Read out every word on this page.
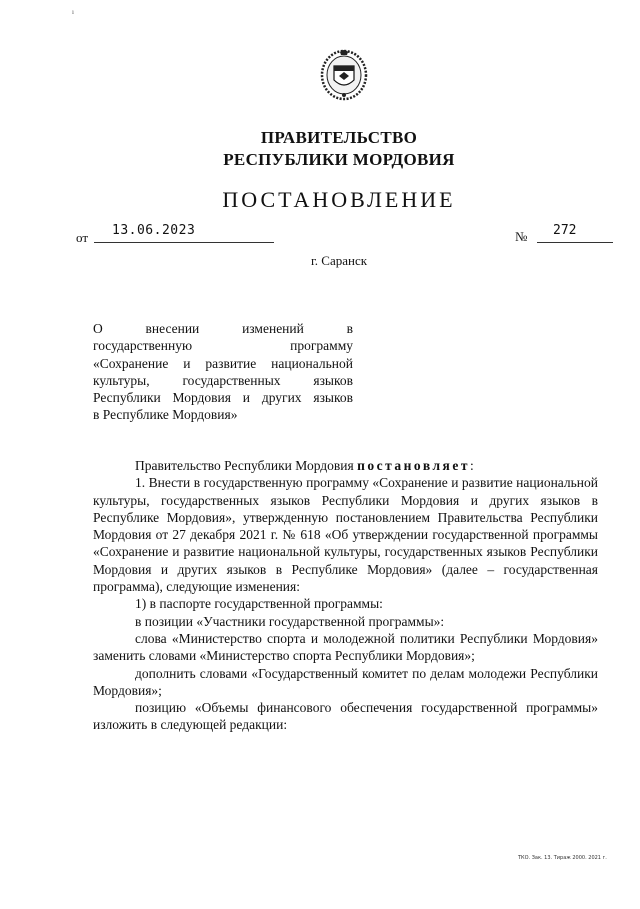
ı
ПРАВИТЕЛЬСТВО
РЕСПУБЛИКИ МОРДОВИЯ
ПОСТАНОВЛЕНИЕ
от 13.06.2023	№ 272
г. Саранск

О	внесении	изменений	в

государственную	программу

«Сохранение и развитие национальной

культуры, государственных языков

Республики Мордовия и других языков

в Республике Мордовия»

Правительство Республики Мордовия постановляет:

1. Внести в государственную программу «Сохранение и развитие национальной культуры, государственных языков Республики Мордовия и других языков в Республике Мордовия», утвержденную постановлением Правительства Республики Мордовия от 27 декабря 2021 г. № 618 «Об утверждении государственной программы «Сохранение и развитие национальной культуры, государственных языков Республики Мордовия и других языков в Республике Мордовия» (далее – государственная программа), следующие изменения:

1) в паспорте государственной программы:

в позиции «Участники государственной программы»:

слова «Министерство спорта и молодежной политики Республики Мордовия» заменить словами «Министерство спорта Республики Мордовия»;

дополнить словами «Государственный комитет по делам молодежи Республики Мордовия»;

позицию «Объемы финансового обеспечения государственной программы» изложить в следующей редакции:

ТКО. Зак. 13. Тираж 2000. 2021 г.
